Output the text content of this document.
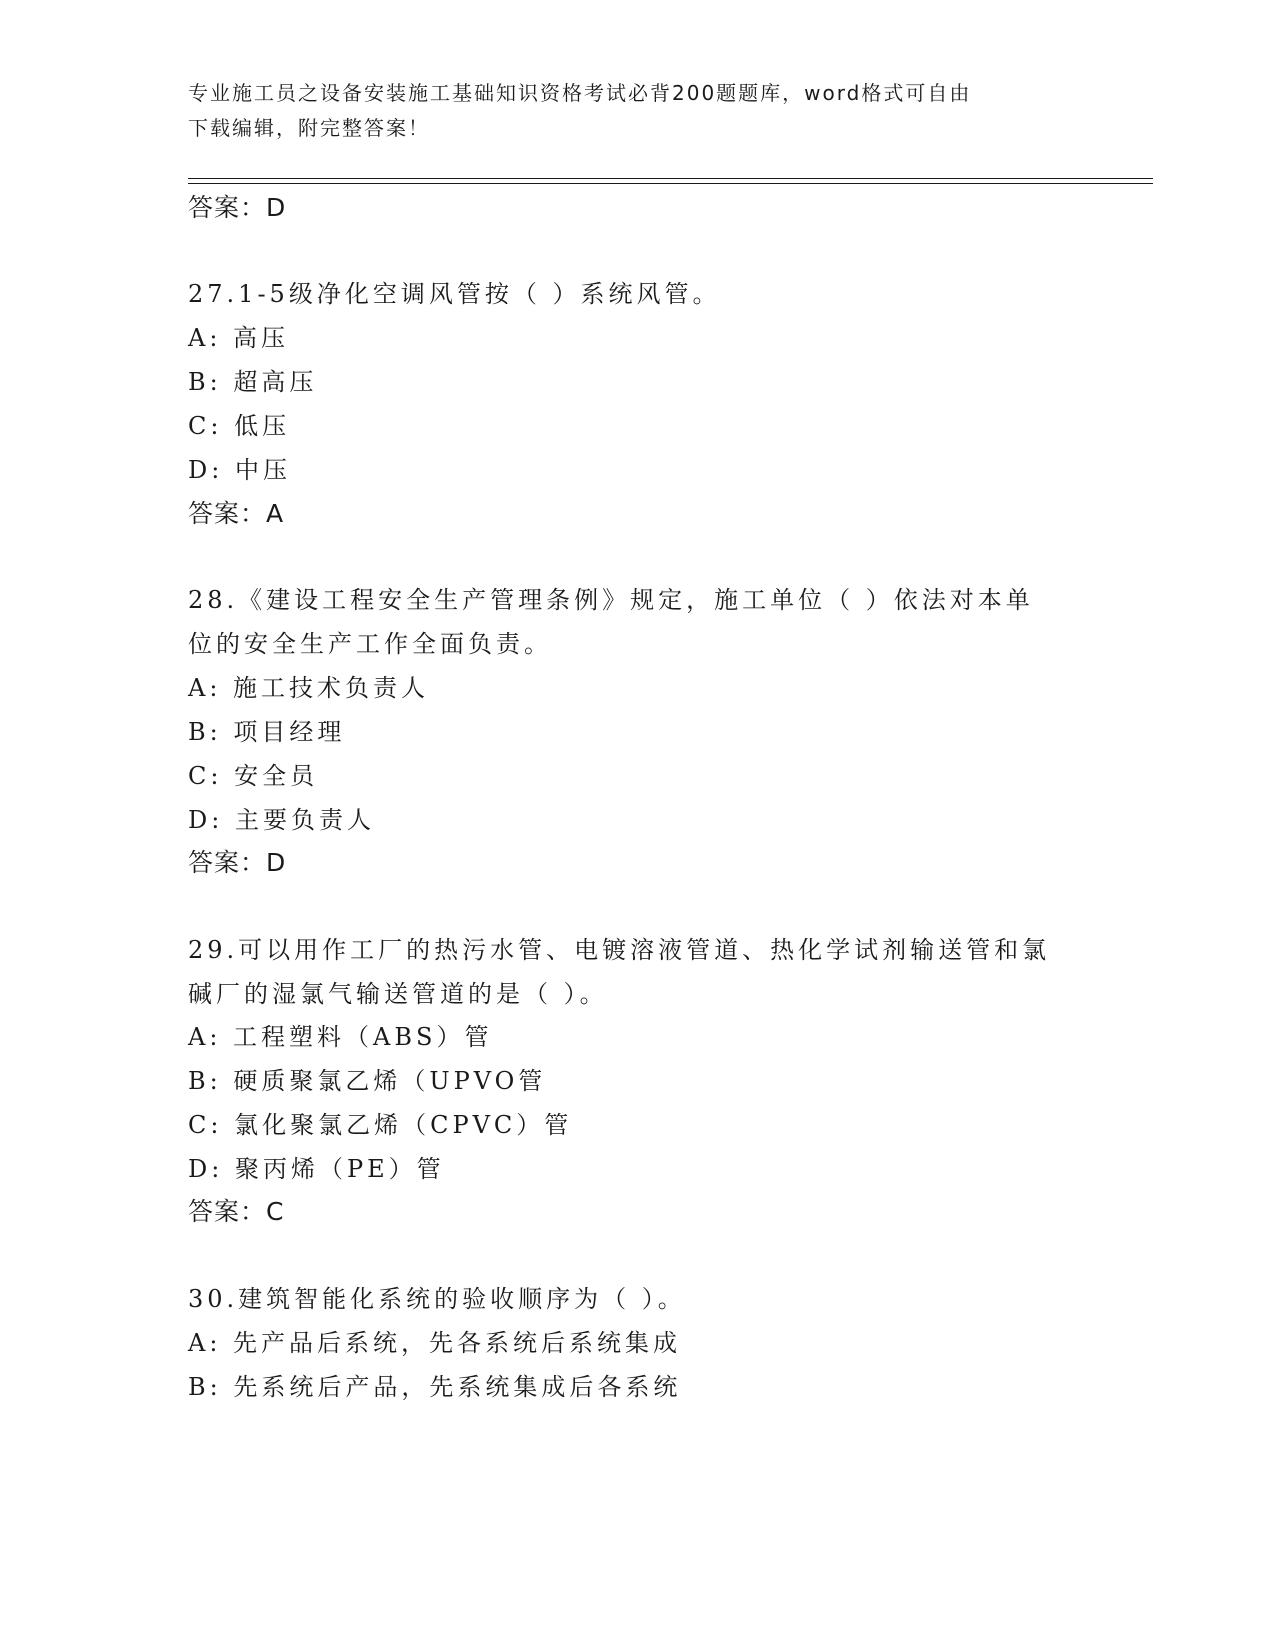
专业施工员之设备安装施工基础知识资格考试必背200题题库，word格式可自由
下载编辑，附完整答案！
答案：D
27.1-5级净化空调风管按（ ）系统风管。
A: 高压
B: 超高压
C: 低压
D: 中压
答案：A
28.《建设工程安全生产管理条例》规定，施工单位（ ）依法对本单
位的安全生产工作全面负责。
A: 施工技术负责人
B: 项目经理
C: 安全员
D: 主要负责人
答案：D
29.可以用作工厂的热污水管、电镀溶液管道、热化学试剂输送管和氯
碱厂的湿氯气输送管道的是（ ）。
A: 工程塑料（ABS）管
B: 硬质聚氯乙烯（UPVO管
C: 氯化聚氯乙烯（CPVC）管
D: 聚丙烯（PE）管
答案：C
30.建筑智能化系统的验收顺序为（ ）。
A: 先产品后系统，先各系统后系统集成
B: 先系统后产品，先系统集成后各系统
